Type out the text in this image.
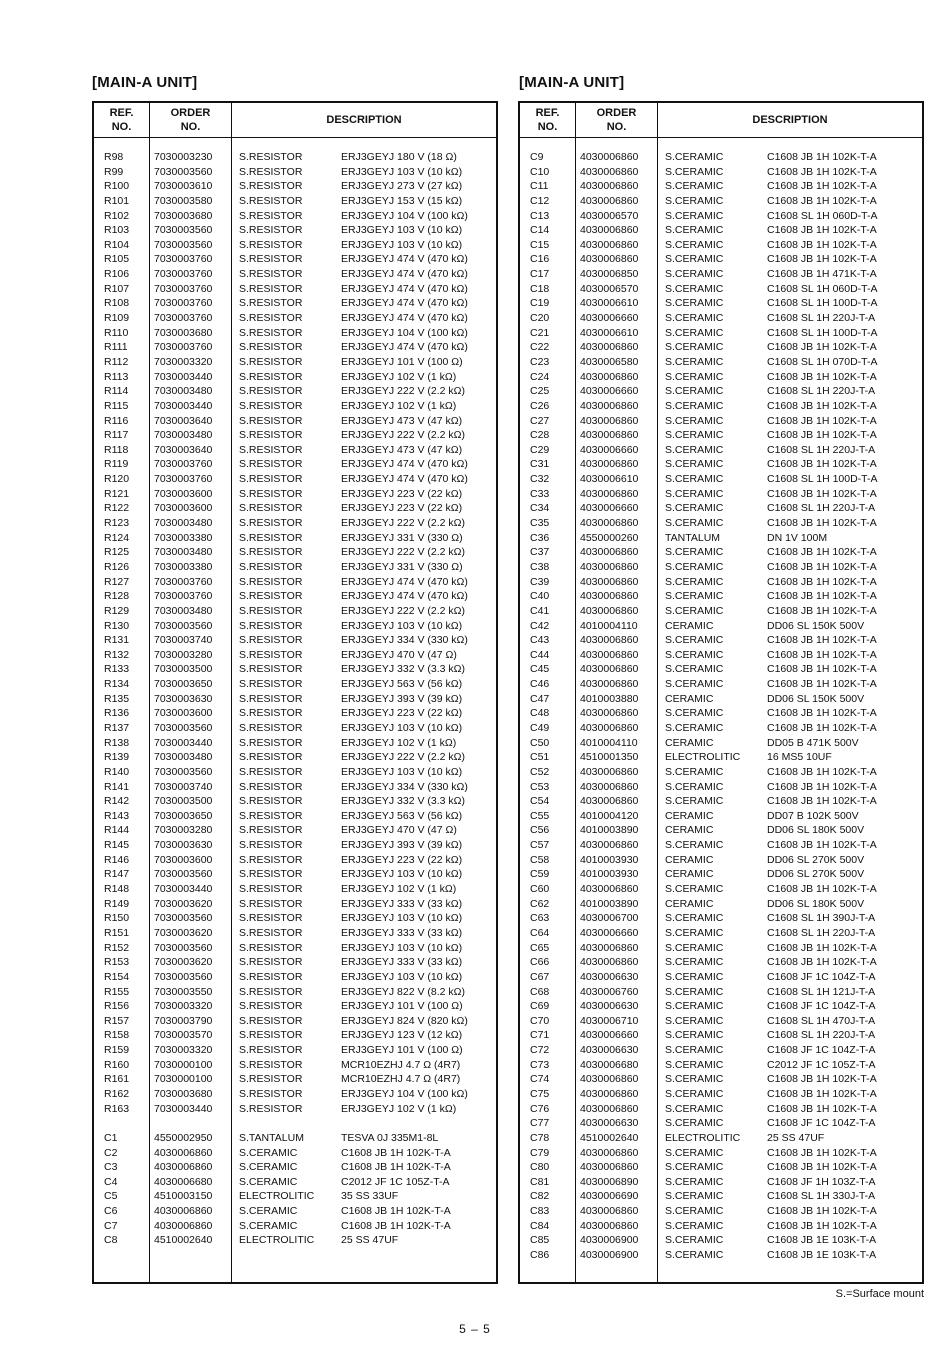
[MAIN-A UNIT]	[MAIN-A UNIT]
REF.
NO.
ORDER
NO.
DESCRIPTION
R98	7030003230	S.RESISTOR	ERJ3GEYJ 180 V (18 Ω)
R99	7030003560	S.RESISTOR	ERJ3GEYJ 103 V (10 kΩ)
R100 7030003610	S.RESISTOR	ERJ3GEYJ 273 V (27 kΩ)
R101 7030003580	S.RESISTOR	ERJ3GEYJ 153 V (15 kΩ)
R102 7030003680	S.RESISTOR	ERJ3GEYJ 104 V (100 kΩ)
R103 7030003560	S.RESISTOR	ERJ3GEYJ 103 V (10 kΩ)
R104 7030003560	S.RESISTOR	ERJ3GEYJ 103 V (10 kΩ)
R105 7030003760	S.RESISTOR	ERJ3GEYJ 474 V (470 kΩ)
R106 7030003760	S.RESISTOR	ERJ3GEYJ 474 V (470 kΩ)
R107 7030003760	S.RESISTOR	ERJ3GEYJ 474 V (470 kΩ)
R108 7030003760	S.RESISTOR	ERJ3GEYJ 474 V (470 kΩ)
R109 7030003760	S.RESISTOR	ERJ3GEYJ 474 V (470 kΩ)
R110 7030003680	S.RESISTOR	ERJ3GEYJ 104 V (100 kΩ)
R111	7030003760	S.RESISTOR	ERJ3GEYJ 474 V (470 kΩ)
R112 7030003320	S.RESISTOR	ERJ3GEYJ 101 V (100 Ω)
R113 7030003440	S.RESISTOR	ERJ3GEYJ 102 V (1 kΩ)
R114 7030003480	S.RESISTOR	ERJ3GEYJ 222 V (2.2 kΩ)
R115 7030003440	S.RESISTOR	ERJ3GEYJ 102 V (1 kΩ)
R116 7030003640	S.RESISTOR	ERJ3GEYJ 473 V (47 kΩ)
R117 7030003480	S.RESISTOR	ERJ3GEYJ 222 V (2.2 kΩ)
R118 7030003640	S.RESISTOR	ERJ3GEYJ 473 V (47 kΩ)
R119 7030003760	S.RESISTOR	ERJ3GEYJ 474 V (470 kΩ)
R120 7030003760	S.RESISTOR	ERJ3GEYJ 474 V (470 kΩ)
R121 7030003600	S.RESISTOR	ERJ3GEYJ 223 V (22 kΩ)
R122 7030003600	S.RESISTOR	ERJ3GEYJ 223 V (22 kΩ)
R123 7030003480	S.RESISTOR	ERJ3GEYJ 222 V (2.2 kΩ)
R124 7030003380	S.RESISTOR	ERJ3GEYJ 331 V (330 Ω)
R125 7030003480	S.RESISTOR	ERJ3GEYJ 222 V (2.2 kΩ)
R126 7030003380	S.RESISTOR	ERJ3GEYJ 331 V (330 Ω)
R127 7030003760	S.RESISTOR	ERJ3GEYJ 474 V (470 kΩ)
R128 7030003760	S.RESISTOR	ERJ3GEYJ 474 V (470 kΩ)
R129 7030003480	S.RESISTOR	ERJ3GEYJ 222 V (2.2 kΩ)
R130 7030003560	S.RESISTOR	ERJ3GEYJ 103 V (10 kΩ)
R131 7030003740	S.RESISTOR	ERJ3GEYJ 334 V (330 kΩ)
R132 7030003280	S.RESISTOR	ERJ3GEYJ 470 V (47 Ω)
R133 7030003500	S.RESISTOR	ERJ3GEYJ 332 V (3.3 kΩ)
R134 7030003650	S.RESISTOR	ERJ3GEYJ 563 V (56 kΩ)
R135 7030003630	S.RESISTOR	ERJ3GEYJ 393 V (39 kΩ)
R136 7030003600	S.RESISTOR	ERJ3GEYJ 223 V (22 kΩ)
R137 7030003560	S.RESISTOR	ERJ3GEYJ 103 V (10 kΩ)
R138 7030003440	S.RESISTOR	ERJ3GEYJ 102 V (1 kΩ)
R139 7030003480	S.RESISTOR	ERJ3GEYJ 222 V (2.2 kΩ)
R140 7030003560	S.RESISTOR	ERJ3GEYJ 103 V (10 kΩ)
R141 7030003740	S.RESISTOR	ERJ3GEYJ 334 V (330 kΩ)
R142 7030003500	S.RESISTOR	ERJ3GEYJ 332 V (3.3 kΩ)
R143 7030003650	S.RESISTOR	ERJ3GEYJ 563 V (56 kΩ)
R144 7030003280	S.RESISTOR	ERJ3GEYJ 470 V (47 Ω)
R145 7030003630	S.RESISTOR	ERJ3GEYJ 393 V (39 kΩ)
R146 7030003600	S.RESISTOR	ERJ3GEYJ 223 V (22 kΩ)
R147 7030003560	S.RESISTOR	ERJ3GEYJ 103 V (10 kΩ)
R148 7030003440	S.RESISTOR	ERJ3GEYJ 102 V (1 kΩ)
R149 7030003620	S.RESISTOR	ERJ3GEYJ 333 V (33 kΩ)
R150 7030003560	S.RESISTOR	ERJ3GEYJ 103 V (10 kΩ)
R151 7030003620	S.RESISTOR	ERJ3GEYJ 333 V (33 kΩ)
R152 7030003560	S.RESISTOR	ERJ3GEYJ 103 V (10 kΩ)
R153 7030003620	S.RESISTOR	ERJ3GEYJ 333 V (33 kΩ)
R154 7030003560	S.RESISTOR	ERJ3GEYJ 103 V (10 kΩ)
R155 7030003550	S.RESISTOR	ERJ3GEYJ 822 V (8.2 kΩ)
R156 7030003320	S.RESISTOR	ERJ3GEYJ 101 V (100 Ω)
R157 7030003790	S.RESISTOR	ERJ3GEYJ 824 V (820 kΩ)
R158 7030003570	S.RESISTOR	ERJ3GEYJ 123 V (12 kΩ)
R159 7030003320	S.RESISTOR	ERJ3GEYJ 101 V (100 Ω)
R160 7030000100	S.RESISTOR	MCR10EZHJ 4.7 Ω (4R7)
R161 7030000100	S.RESISTOR	MCR10EZHJ 4.7 Ω (4R7)
R162 7030003680	S.RESISTOR	ERJ3GEYJ 104 V (100 kΩ)
R163 7030003440	S.RESISTOR	ERJ3GEYJ 102 V (1 kΩ)
C1	4550002950	S.TANTALUM	TESVA 0J 335M1-8L
C2	4030006860	S.CERAMIC	C1608 JB 1H 102K-T-A
C3	4030006860	S.CERAMIC	C1608 JB 1H 102K-T-A
C4	4030006680	S.CERAMIC	C2012 JF 1C 105Z-T-A
C5	4510003150	ELECTROLITIC	35 SS 33UF
C6	4030006860	S.CERAMIC	C1608 JB 1H 102K-T-A
C7	4030006860	S.CERAMIC	C1608 JB 1H 102K-T-A
C8	4510002640	ELECTROLITIC	25 SS 47UF
REF.
NO.
ORDER
NO.
DESCRIPTION
C9	4030006860	S.CERAMIC	C1608 JB 1H 102K-T-A
C10	4030006860	S.CERAMIC	C1608 JB 1H 102K-T-A
C11	4030006860	S.CERAMIC	C1608 JB 1H 102K-T-A
C12	4030006860	S.CERAMIC	C1608 JB 1H 102K-T-A
C13	4030006570	S.CERAMIC	C1608 SL 1H 060D-T-A
C14	4030006860	S.CERAMIC	C1608 JB 1H 102K-T-A
C15	4030006860	S.CERAMIC	C1608 JB 1H 102K-T-A
C16	4030006860	S.CERAMIC	C1608 JB 1H 102K-T-A
C17	4030006850	S.CERAMIC	C1608 JB 1H 471K-T-A
C18	4030006570	S.CERAMIC	C1608 SL 1H 060D-T-A
C19	4030006610	S.CERAMIC	C1608 SL 1H 100D-T-A
C20	4030006660	S.CERAMIC	C1608 SL 1H 220J-T-A
C21	4030006610	S.CERAMIC	C1608 SL 1H 100D-T-A
C22	4030006860	S.CERAMIC	C1608 JB 1H 102K-T-A
C23	4030006580	S.CERAMIC	C1608 SL 1H 070D-T-A
C24	4030006860	S.CERAMIC	C1608 JB 1H 102K-T-A
C25	4030006660	S.CERAMIC	C1608 SL 1H 220J-T-A
C26	4030006860	S.CERAMIC	C1608 JB 1H 102K-T-A
C27	4030006860	S.CERAMIC	C1608 JB 1H 102K-T-A
C28	4030006860	S.CERAMIC	C1608 JB 1H 102K-T-A
C29	4030006660	S.CERAMIC	C1608 SL 1H 220J-T-A
C31	4030006860	S.CERAMIC	C1608 JB 1H 102K-T-A
C32	4030006610	S.CERAMIC	C1608 SL 1H 100D-T-A
C33	4030006860	S.CERAMIC	C1608 JB 1H 102K-T-A
C34	4030006660	S.CERAMIC	C1608 SL 1H 220J-T-A
C35	4030006860	S.CERAMIC	C1608 JB 1H 102K-T-A
C36	4550000260	TANTALUM	DN 1V 100M
C37	4030006860	S.CERAMIC	C1608 JB 1H 102K-T-A
C38	4030006860	S.CERAMIC	C1608 JB 1H 102K-T-A
C39	4030006860	S.CERAMIC	C1608 JB 1H 102K-T-A
C40	4030006860	S.CERAMIC	C1608 JB 1H 102K-T-A
C41	4030006860	S.CERAMIC	C1608 JB 1H 102K-T-A
C42	4010004110	CERAMIC	DD06 SL 150K 500V
C43	4030006860	S.CERAMIC	C1608 JB 1H 102K-T-A
C44	4030006860	S.CERAMIC	C1608 JB 1H 102K-T-A
C45	4030006860	S.CERAMIC	C1608 JB 1H 102K-T-A
C46	4030006860	S.CERAMIC	C1608 JB 1H 102K-T-A
C47	4010003880	CERAMIC	DD06 SL 150K 500V
C48	4030006860	S.CERAMIC	C1608 JB 1H 102K-T-A
C49	4030006860	S.CERAMIC	C1608 JB 1H 102K-T-A
C50	4010004110	CERAMIC	DD05 B 471K 500V
C51	4510001350	ELECTROLITIC	16 MS5 10UF
C52	4030006860	S.CERAMIC	C1608 JB 1H 102K-T-A
C53	4030006860	S.CERAMIC	C1608 JB 1H 102K-T-A
C54	4030006860	S.CERAMIC	C1608 JB 1H 102K-T-A
C55	4010004120	CERAMIC	DD07 B 102K 500V
C56	4010003890	CERAMIC	DD06 SL 180K 500V
C57	4030006860	S.CERAMIC	C1608 JB 1H 102K-T-A
C58	4010003930	CERAMIC	DD06 SL 270K 500V
C59	4010003930	CERAMIC	DD06 SL 270K 500V
C60	4030006860	S.CERAMIC	C1608 JB 1H 102K-T-A
C62	4010003890	CERAMIC	DD06 SL 180K 500V
C63	4030006700	S.CERAMIC	C1608 SL 1H 390J-T-A
C64	4030006660	S.CERAMIC	C1608 SL 1H 220J-T-A
C65	4030006860	S.CERAMIC	C1608 JB 1H 102K-T-A
C66	4030006860	S.CERAMIC	C1608 JB 1H 102K-T-A
C67	4030006630	S.CERAMIC	C1608 JF 1C 104Z-T-A
C68	4030006760	S.CERAMIC	C1608 SL 1H 121J-T-A
C69	4030006630	S.CERAMIC	C1608 JF 1C 104Z-T-A
C70	4030006710	S.CERAMIC	C1608 SL 1H 470J-T-A
C71	4030006660	S.CERAMIC	C1608 SL 1H 220J-T-A
C72	4030006630	S.CERAMIC	C1608 JF 1C 104Z-T-A
C73	4030006680	S.CERAMIC	C2012 JF 1C 105Z-T-A
C74	4030006860	S.CERAMIC	C1608 JB 1H 102K-T-A
C75	4030006860	S.CERAMIC	C1608 JB 1H 102K-T-A
C76	4030006860	S.CERAMIC	C1608 JB 1H 102K-T-A
C77	4030006630	S.CERAMIC	C1608 JF 1C 104Z-T-A
C78	4510002640	ELECTROLITIC	25 SS 47UF
C79	4030006860	S.CERAMIC	C1608 JB 1H 102K-T-A
C80	4030006860	S.CERAMIC	C1608 JB 1H 102K-T-A
C81	4030006890	S.CERAMIC	C1608 JF 1H 103Z-T-A
C82	4030006690	S.CERAMIC	C1608 SL 1H 330J-T-A
C83	4030006860	S.CERAMIC	C1608 JB 1H 102K-T-A
C84	4030006860	S.CERAMIC	C1608 JB 1H 102K-T-A
C85	4030006900	S.CERAMIC	C1608 JB 1E 103K-T-A
C86	4030006900	S.CERAMIC	C1608 JB 1E 103K-T-A
S.=Surface mount
5 – 5
